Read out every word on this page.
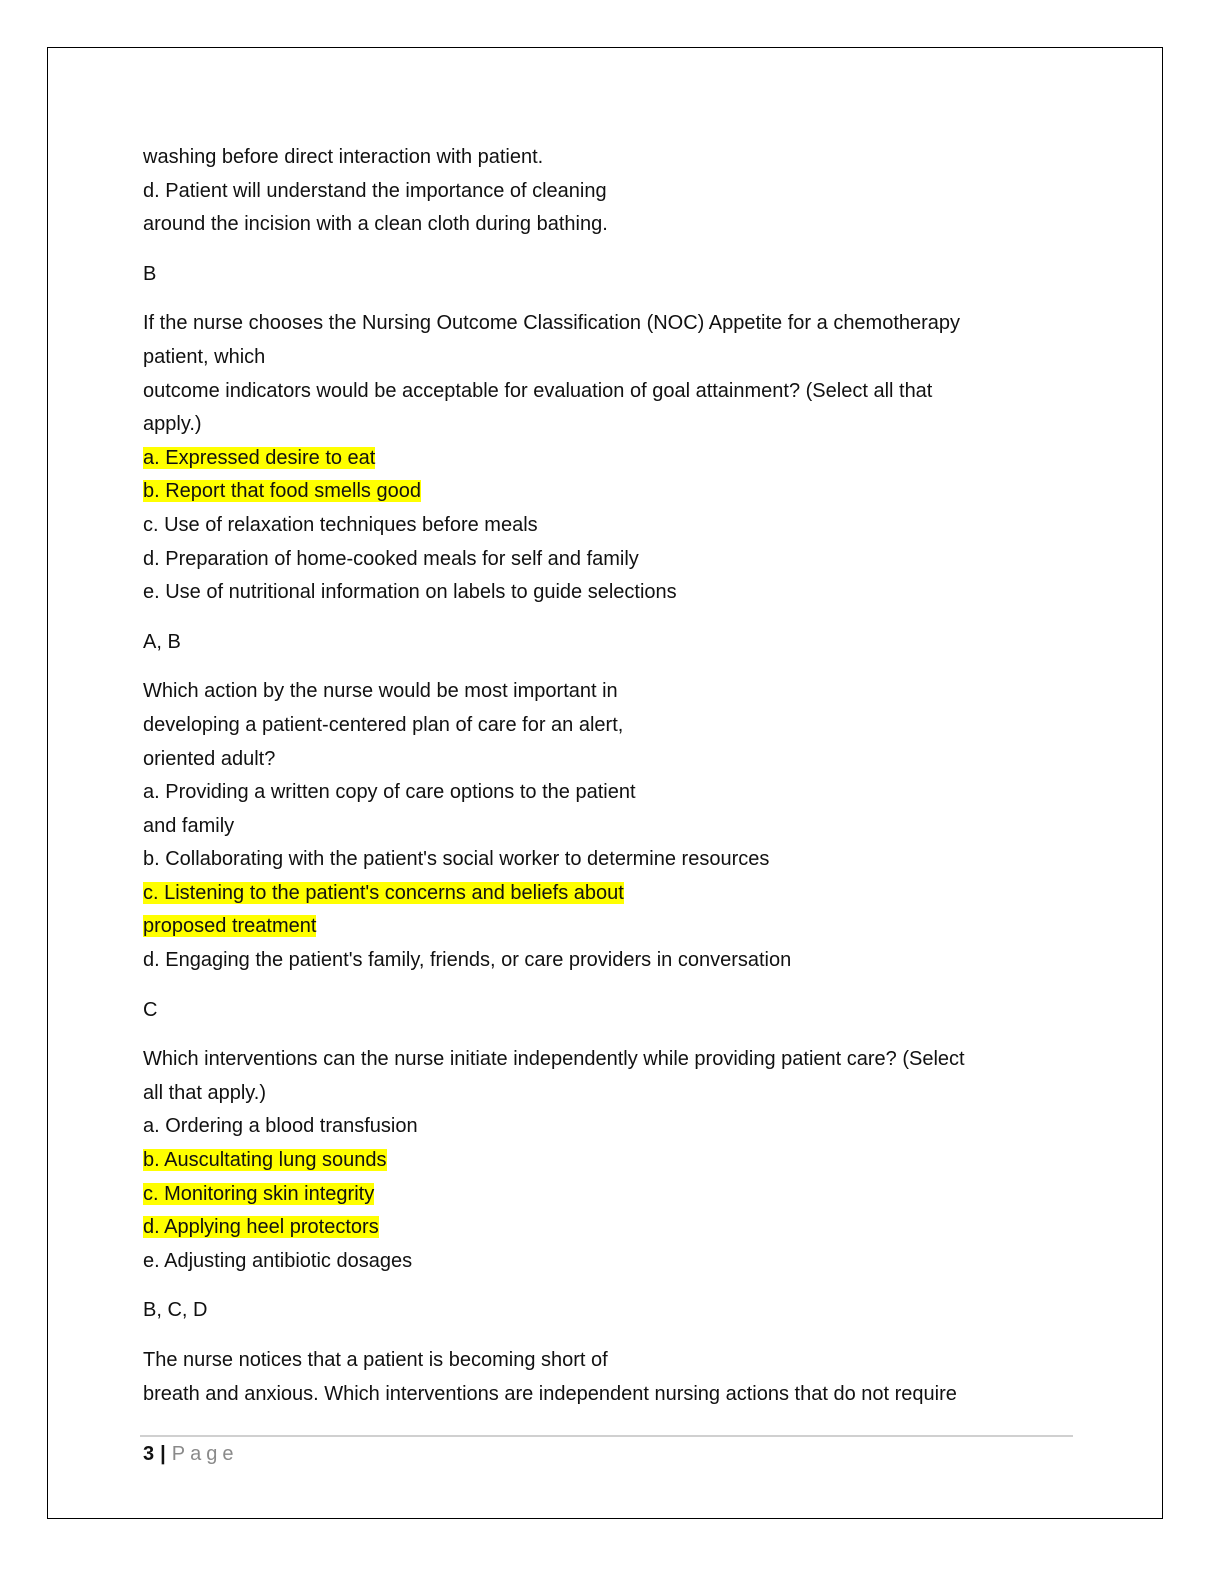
washing before direct interaction with patient.
d. Patient will understand the importance of cleaning
around the incision with a clean cloth during bathing.
B
If the nurse chooses the Nursing Outcome Classification (NOC) Appetite for a chemotherapy
patient, which
outcome indicators would be acceptable for evaluation of goal attainment? (Select all that
apply.)
a. Expressed desire to eat
b. Report that food smells good
c. Use of relaxation techniques before meals
d. Preparation of home-cooked meals for self and family
e. Use of nutritional information on labels to guide selections
A, B
Which action by the nurse would be most important in
developing a patient-centered plan of care for an alert,
oriented adult?
a. Providing a written copy of care options to the patient
and family
b. Collaborating with the patient's social worker to determine resources
c. Listening to the patient's concerns and beliefs about
proposed treatment
d. Engaging the patient's family, friends, or care providers in conversation
C
Which interventions can the nurse initiate independently while providing patient care? (Select
all that apply.)
a. Ordering a blood transfusion
b. Auscultating lung sounds
c. Monitoring skin integrity
d. Applying heel protectors
e. Adjusting antibiotic dosages
B, C, D
The nurse notices that a patient is becoming short of
breath and anxious. Which interventions are independent nursing actions that do not require
3 | Page
